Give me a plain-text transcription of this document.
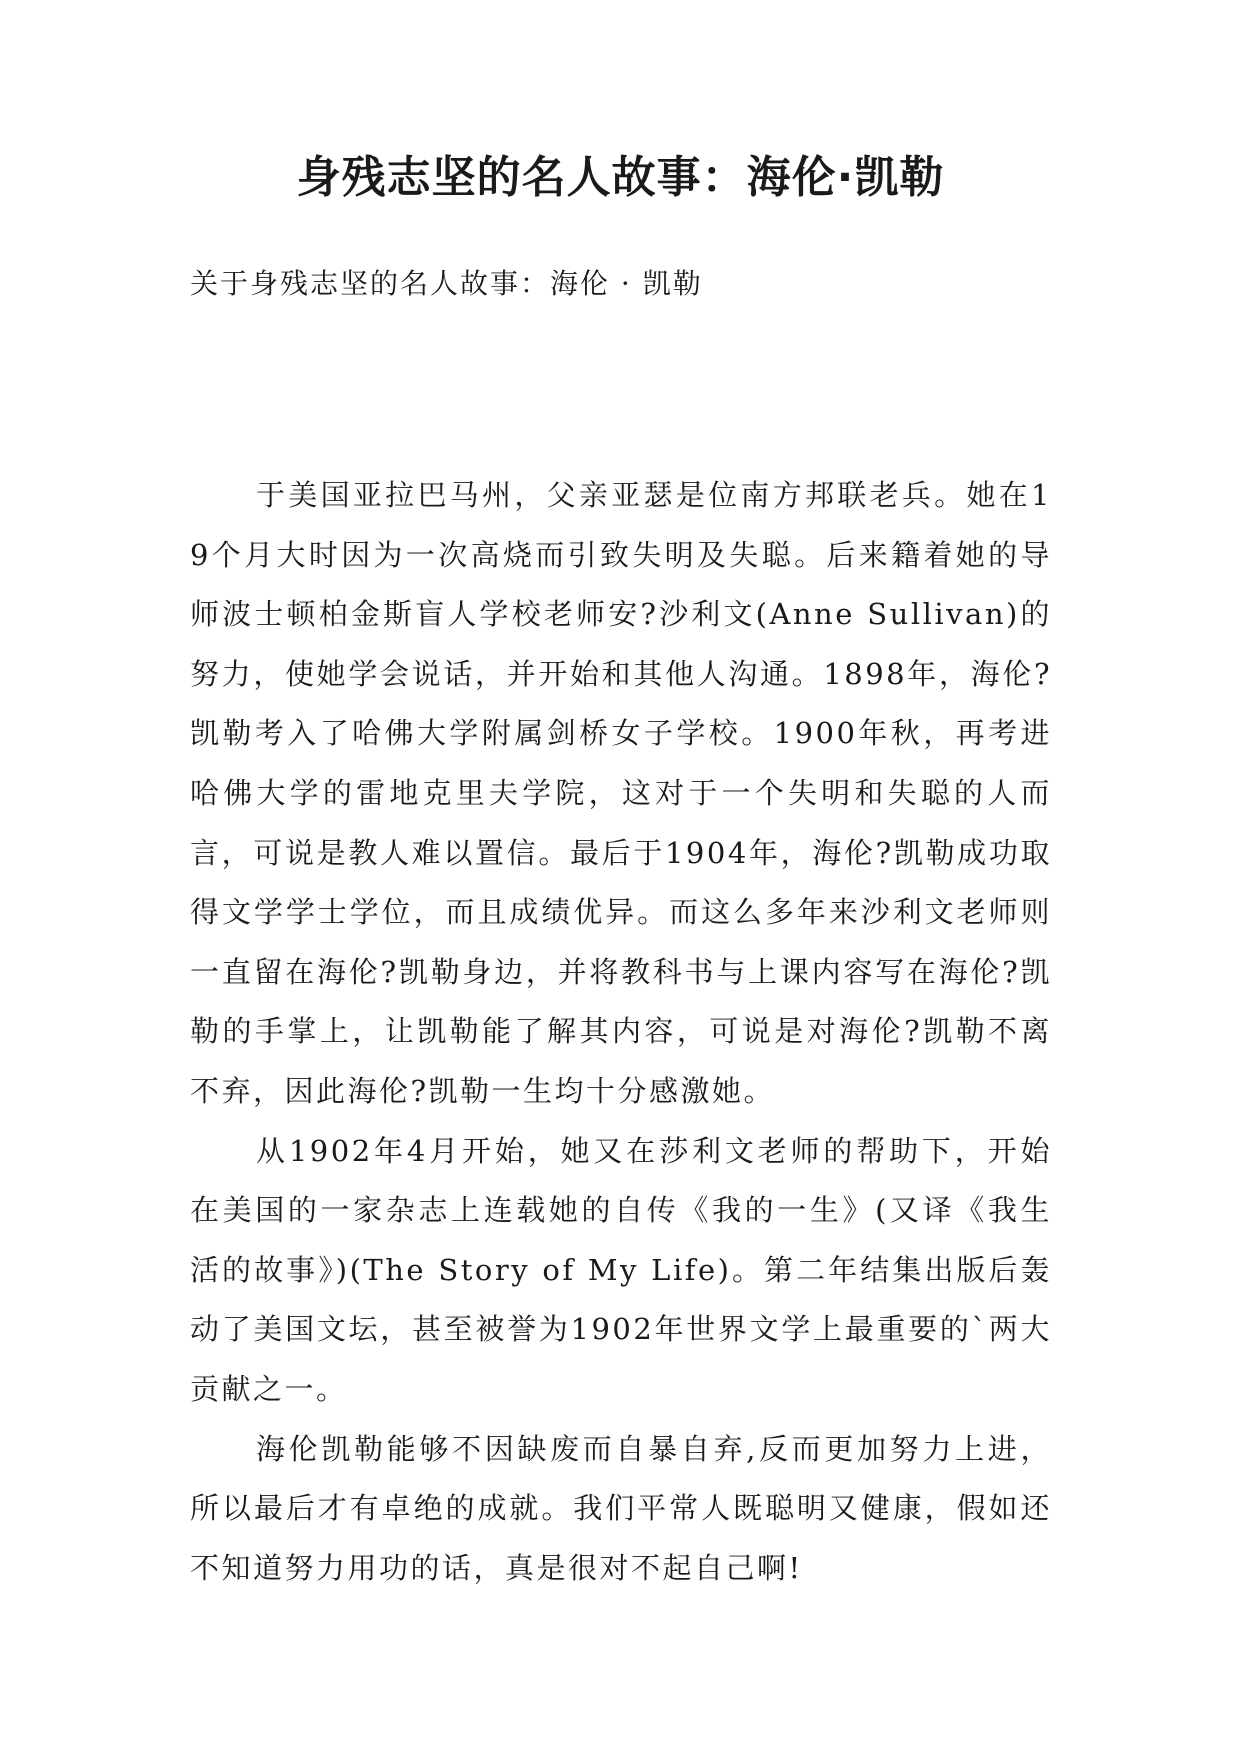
身残志坚的名人故事：海伦·凯勒

关于身残志坚的名人故事：海伦 · 凯勒

于美国亚拉巴马州，父亲亚瑟是位南方邦联老兵。她在19个月大时因为一次高烧而引致失明及失聪。后来籍着她的导师波士顿柏金斯盲人学校老师安?沙利文(Anne Sullivan)的努力，使她学会说话，并开始和其他人沟通。1898年，海伦?凯勒考入了哈佛大学附属剑桥女子学校。1900年秋，再考进哈佛大学的雷地克里夫学院，这对于一个失明和失聪的人而言，可说是教人难以置信。最后于1904年，海伦?凯勒成功取得文学学士学位，而且成绩优异。而这么多年来沙利文老师则一直留在海伦?凯勒身边，并将教科书与上课内容写在海伦?凯勒的手掌上，让凯勒能了解其内容，可说是对海伦?凯勒不离不弃，因此海伦?凯勒一生均十分感激她。

从1902年4月开始，她又在莎利文老师的帮助下，开始在美国的一家杂志上连载她的自传《我的一生》(又译《我生活的故事》)(The Story of My Life)。第二年结集出版后轰动了美国文坛，甚至被誉为1902年世界文学上最重要的`两大贡献之一。

海伦凯勒能够不因缺废而自暴自弃,反而更加努力上进，所以最后才有卓绝的成就。我们平常人既聪明又健康，假如还不知道努力用功的话，真是很对不起自己啊!
